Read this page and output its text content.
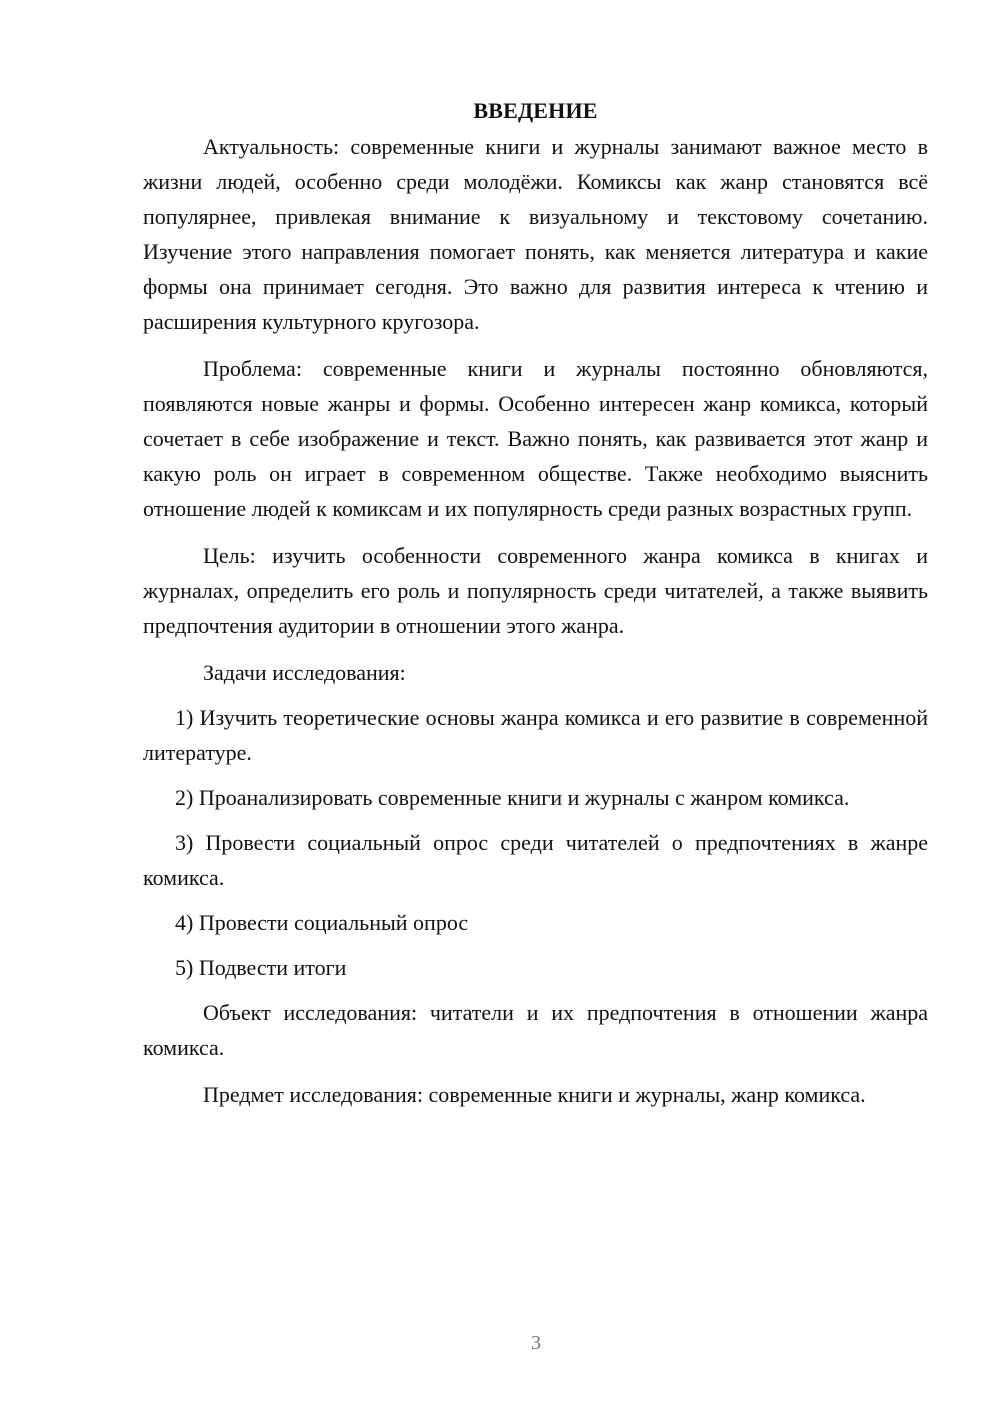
ВВЕДЕНИЕ

Актуальность: современные книги и журналы занимают важное место в жизни людей, особенно среди молодёжи. Комиксы как жанр становятся всё популярнее, привлекая внимание к визуальному и текстовому сочетанию. Изучение этого направления помогает понять, как меняется литература и какие формы она принимает сегодня. Это важно для развития интереса к чтению и расширения культурного кругозора.

Проблема: современные книги и журналы постоянно обновляются, появляются новые жанры и формы. Особенно интересен жанр комикса, который сочетает в себе изображение и текст. Важно понять, как развивается этот жанр и какую роль он играет в современном обществе. Также необходимо выяснить отношение людей к комиксам и их популярность среди разных возрастных групп.

Цель: изучить особенности современного жанра комикса в книгах и журналах, определить его роль и популярность среди читателей, а также выявить предпочтения аудитории в отношении этого жанра.

Задачи исследования:

1) Изучить теоретические основы жанра комикса и его развитие в современной литературе.

2) Проанализировать современные книги и журналы с жанром комикса.

3) Провести социальный опрос среди читателей о предпочтениях в жанре комикса.

4) Провести социальный опрос

5) Подвести итоги

Объект исследования: читатели и их предпочтения в отношении жанра комикса.

Предмет исследования: современные книги и журналы, жанр комикса.

3
